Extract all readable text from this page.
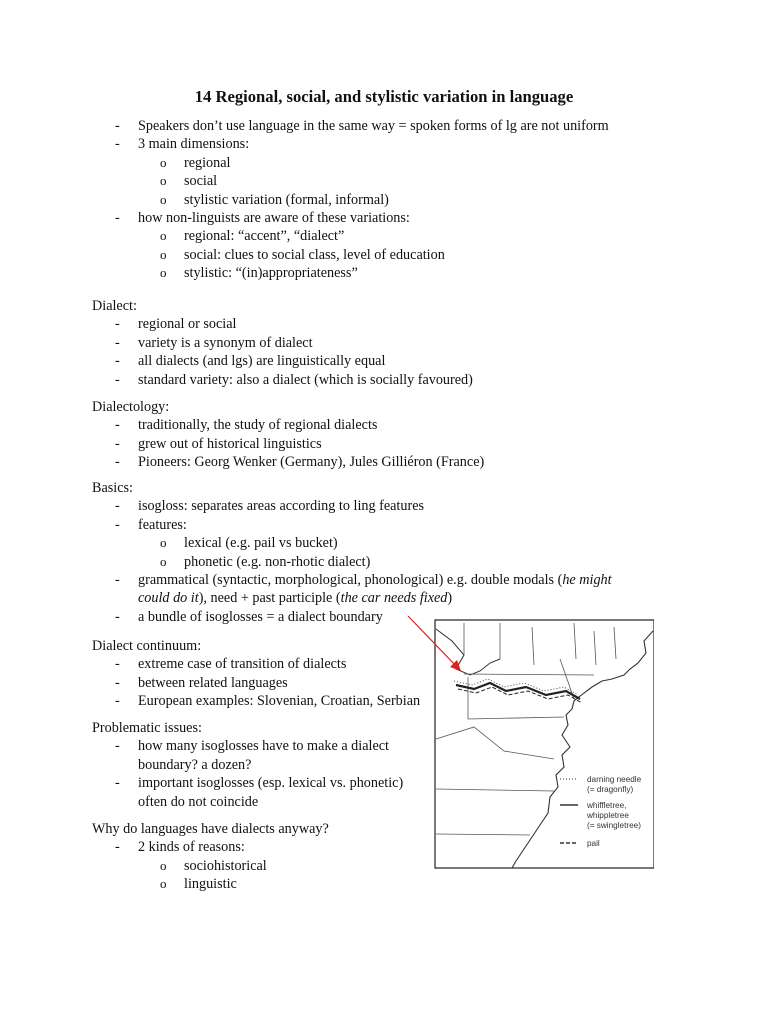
14 Regional, social, and stylistic variation in language
- Speakers don’t use language in the same way = spoken forms of lg are not uniform
- 3 main dimensions:
o regional
o social
o stylistic variation (formal, informal)
- how non-linguists are aware of these variations:
o regional: “accent”, “dialect”
o social: clues to social class, level of education
o stylistic: “(in)appropriateness”
Dialect:
- regional or social
- variety is a synonym of dialect
- all dialects (and lgs) are linguistically equal
- standard variety: also a dialect (which is socially favoured)
Dialectology:
- traditionally, the study of regional dialects
- grew out of historical linguistics
- Pioneers: Georg Wenker (Germany), Jules Gilliéron (France)
Basics:
- isogloss: separates areas according to ling features
- features:
o lexical (e.g. pail vs bucket)
o phonetic (e.g. non-rhotic dialect)
- grammatical (syntactic, morphological, phonological) e.g. double modals (he might
could do it), need + past participle (the car needs fixed)
- a bundle of isoglosses = a dialect boundary
Dialect continuum:
- extreme case of transition of dialects
- between related languages
- European examples: Slovenian, Croatian, Serbian
Problematic issues:
- how many isoglosses have to make a dialect
boundary? a dozen?
- important isoglosses (esp. lexical vs. phonetic)
often do not coincide
Why do languages have dialects anyway?
- 2 kinds of reasons:
o sociohistorical
o linguistic
darning needle
(= dragonfly)
whiffletree,
whippletree
(= swingletree)
pail
